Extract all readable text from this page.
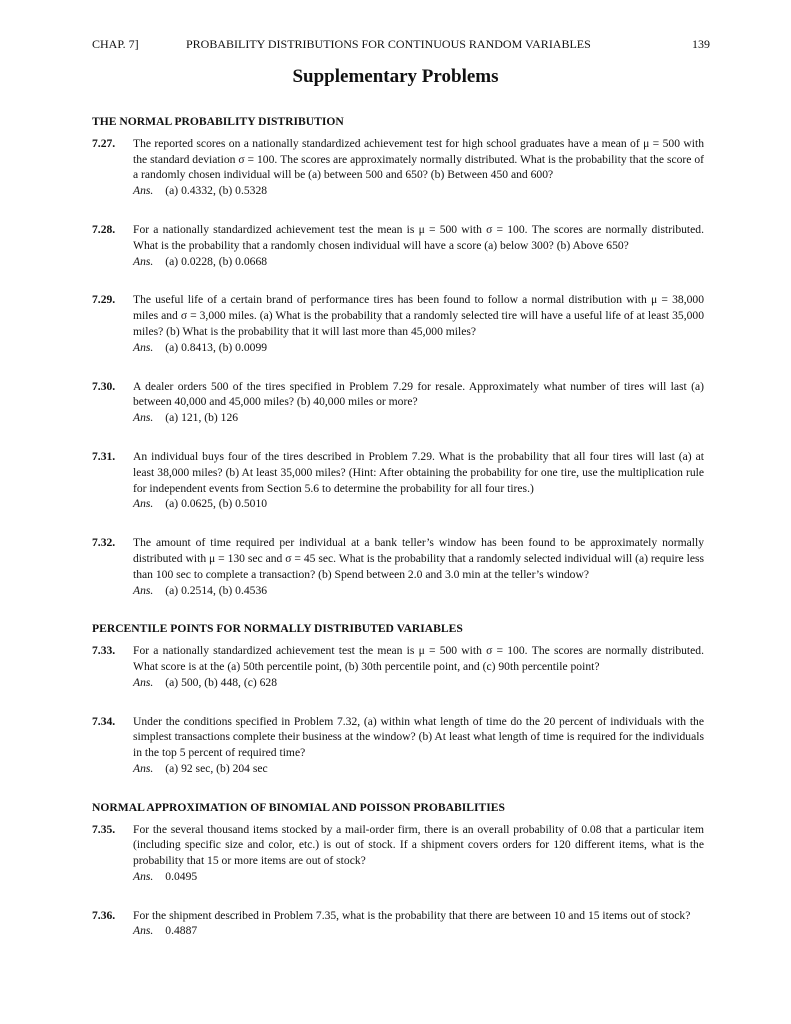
CHAP. 7]	PROBABILITY DISTRIBUTIONS FOR CONTINUOUS RANDOM VARIABLES	139
Supplementary Problems
THE NORMAL PROBABILITY DISTRIBUTION
7.27.	The reported scores on a nationally standardized achievement test for high school graduates have a mean of μ = 500 with the standard deviation σ = 100. The scores are approximately normally distributed. What is the probability that the score of a randomly chosen individual will be (a) between 500 and 650? (b) Between 450 and 600?
Ans. (a) 0.4332, (b) 0.5328
7.28.	For a nationally standardized achievement test the mean is μ = 500 with σ = 100. The scores are normally distributed. What is the probability that a randomly chosen individual will have a score (a) below 300? (b) Above 650?
Ans. (a) 0.0228, (b) 0.0668
7.29.	The useful life of a certain brand of performance tires has been found to follow a normal distribution with μ = 38,000 miles and σ = 3,000 miles. (a) What is the probability that a randomly selected tire will have a useful life of at least 35,000 miles? (b) What is the probability that it will last more than 45,000 miles?
Ans. (a) 0.8413, (b) 0.0099
7.30.	A dealer orders 500 of the tires specified in Problem 7.29 for resale. Approximately what number of tires will last (a) between 40,000 and 45,000 miles? (b) 40,000 miles or more?
Ans. (a) 121, (b) 126
7.31.	An individual buys four of the tires described in Problem 7.29. What is the probability that all four tires will last (a) at least 38,000 miles? (b) At least 35,000 miles? (Hint: After obtaining the probability for one tire, use the multiplication rule for independent events from Section 5.6 to determine the probability for all four tires.)
Ans. (a) 0.0625, (b) 0.5010
7.32.	The amount of time required per individual at a bank teller’s window has been found to be approximately normally distributed with μ = 130 sec and σ = 45 sec. What is the probability that a randomly selected individual will (a) require less than 100 sec to complete a transaction? (b) Spend between 2.0 and 3.0 min at the teller’s window?
Ans. (a) 0.2514, (b) 0.4536
PERCENTILE POINTS FOR NORMALLY DISTRIBUTED VARIABLES
7.33.	For a nationally standardized achievement test the mean is μ = 500 with σ = 100. The scores are normally distributed. What score is at the (a) 50th percentile point, (b) 30th percentile point, and (c) 90th percentile point?
Ans. (a) 500, (b) 448, (c) 628
7.34.	Under the conditions specified in Problem 7.32, (a) within what length of time do the 20 percent of individuals with the simplest transactions complete their business at the window? (b) At least what length of time is required for the individuals in the top 5 percent of required time?
Ans. (a) 92 sec, (b) 204 sec
NORMAL APPROXIMATION OF BINOMIAL AND POISSON PROBABILITIES
7.35.	For the several thousand items stocked by a mail-order firm, there is an overall probability of 0.08 that a particular item (including specific size and color, etc.) is out of stock. If a shipment covers orders for 120 different items, what is the probability that 15 or more items are out of stock?
Ans. 0.0495
7.36.	For the shipment described in Problem 7.35, what is the probability that there are between 10 and 15 items out of stock?
Ans. 0.4887
